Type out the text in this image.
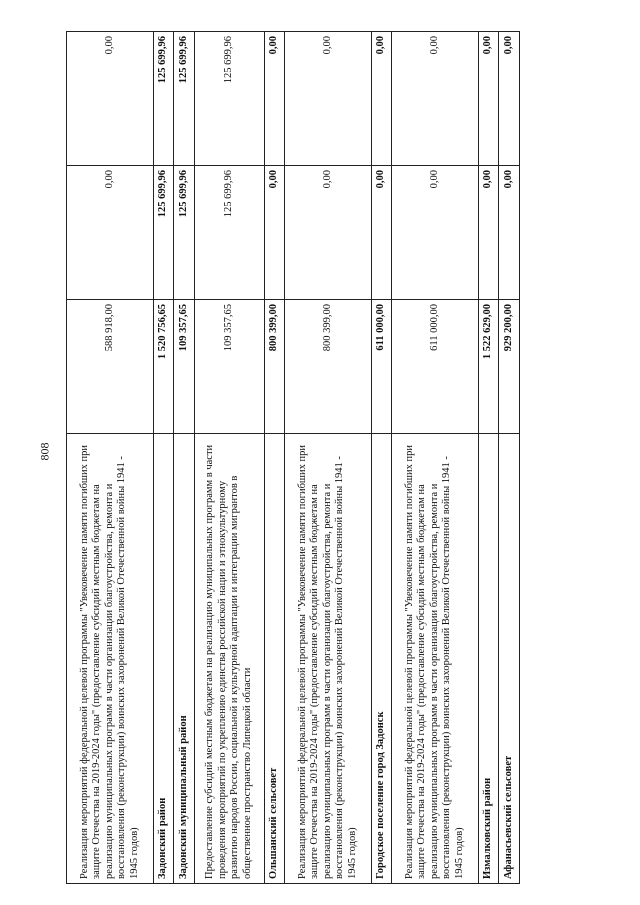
808	Реализация мероприятий федеральной целевой программы "Увековечение памяти погибших при защите Отечества на 2019-2024 годы" (предоставление субсидий местным бюджетам на реализацию муниципальных программ в части организации благоустройства, ремонта и восстановления (реконструкции) воинских захоронений Великой Отечественной войны 1941 - 1945 годов)	588 918,00	0,00	0,00
Задонский район	1 520 756,65	125 699,96	125 699,96
Задонский муниципальный район	109 357,65	125 699,96	125 699,96
Предоставление субсидий местным бюджетам на реализацию муниципальных программ в части проведения мероприятий по укреплению единства российской нации и этнокультурному развитию народов России, социальной и культурной адаптации и интеграции мигрантов в общественное пространство Липецкой области	109 357,65	125 699,96	125 699,96
Ольшанский сельсовет	800 399,00	0,00	0,00
Реализация мероприятий федеральной целевой программы "Увековечение памяти погибших при защите Отечества на 2019-2024 годы" (предоставление субсидий местным бюджетам на реализацию муниципальных программ в части организации благоустройства, ремонта и восстановления (реконструкции) воинских захоронений Великой Отечественной войны 1941 - 1945 годов)	800 399,00	0,00	0,00
Городское поселение город Задонск	611 000,00	0,00	0,00
Реализация мероприятий федеральной целевой программы "Увековечение памяти погибших при защите Отечества на 2019-2024 годы" (предоставление субсидий местным бюджетам на реализацию муниципальных программ в части организации благоустройства, ремонта и восстановления (реконструкции) воинских захоронений Великой Отечественной войны 1941 - 1945 годов)	611 000,00	0,00	0,00
Измалковский район	1 522 629,00	0,00	0,00
Афанасьевский сельсовет	929 200,00	0,00	0,00
